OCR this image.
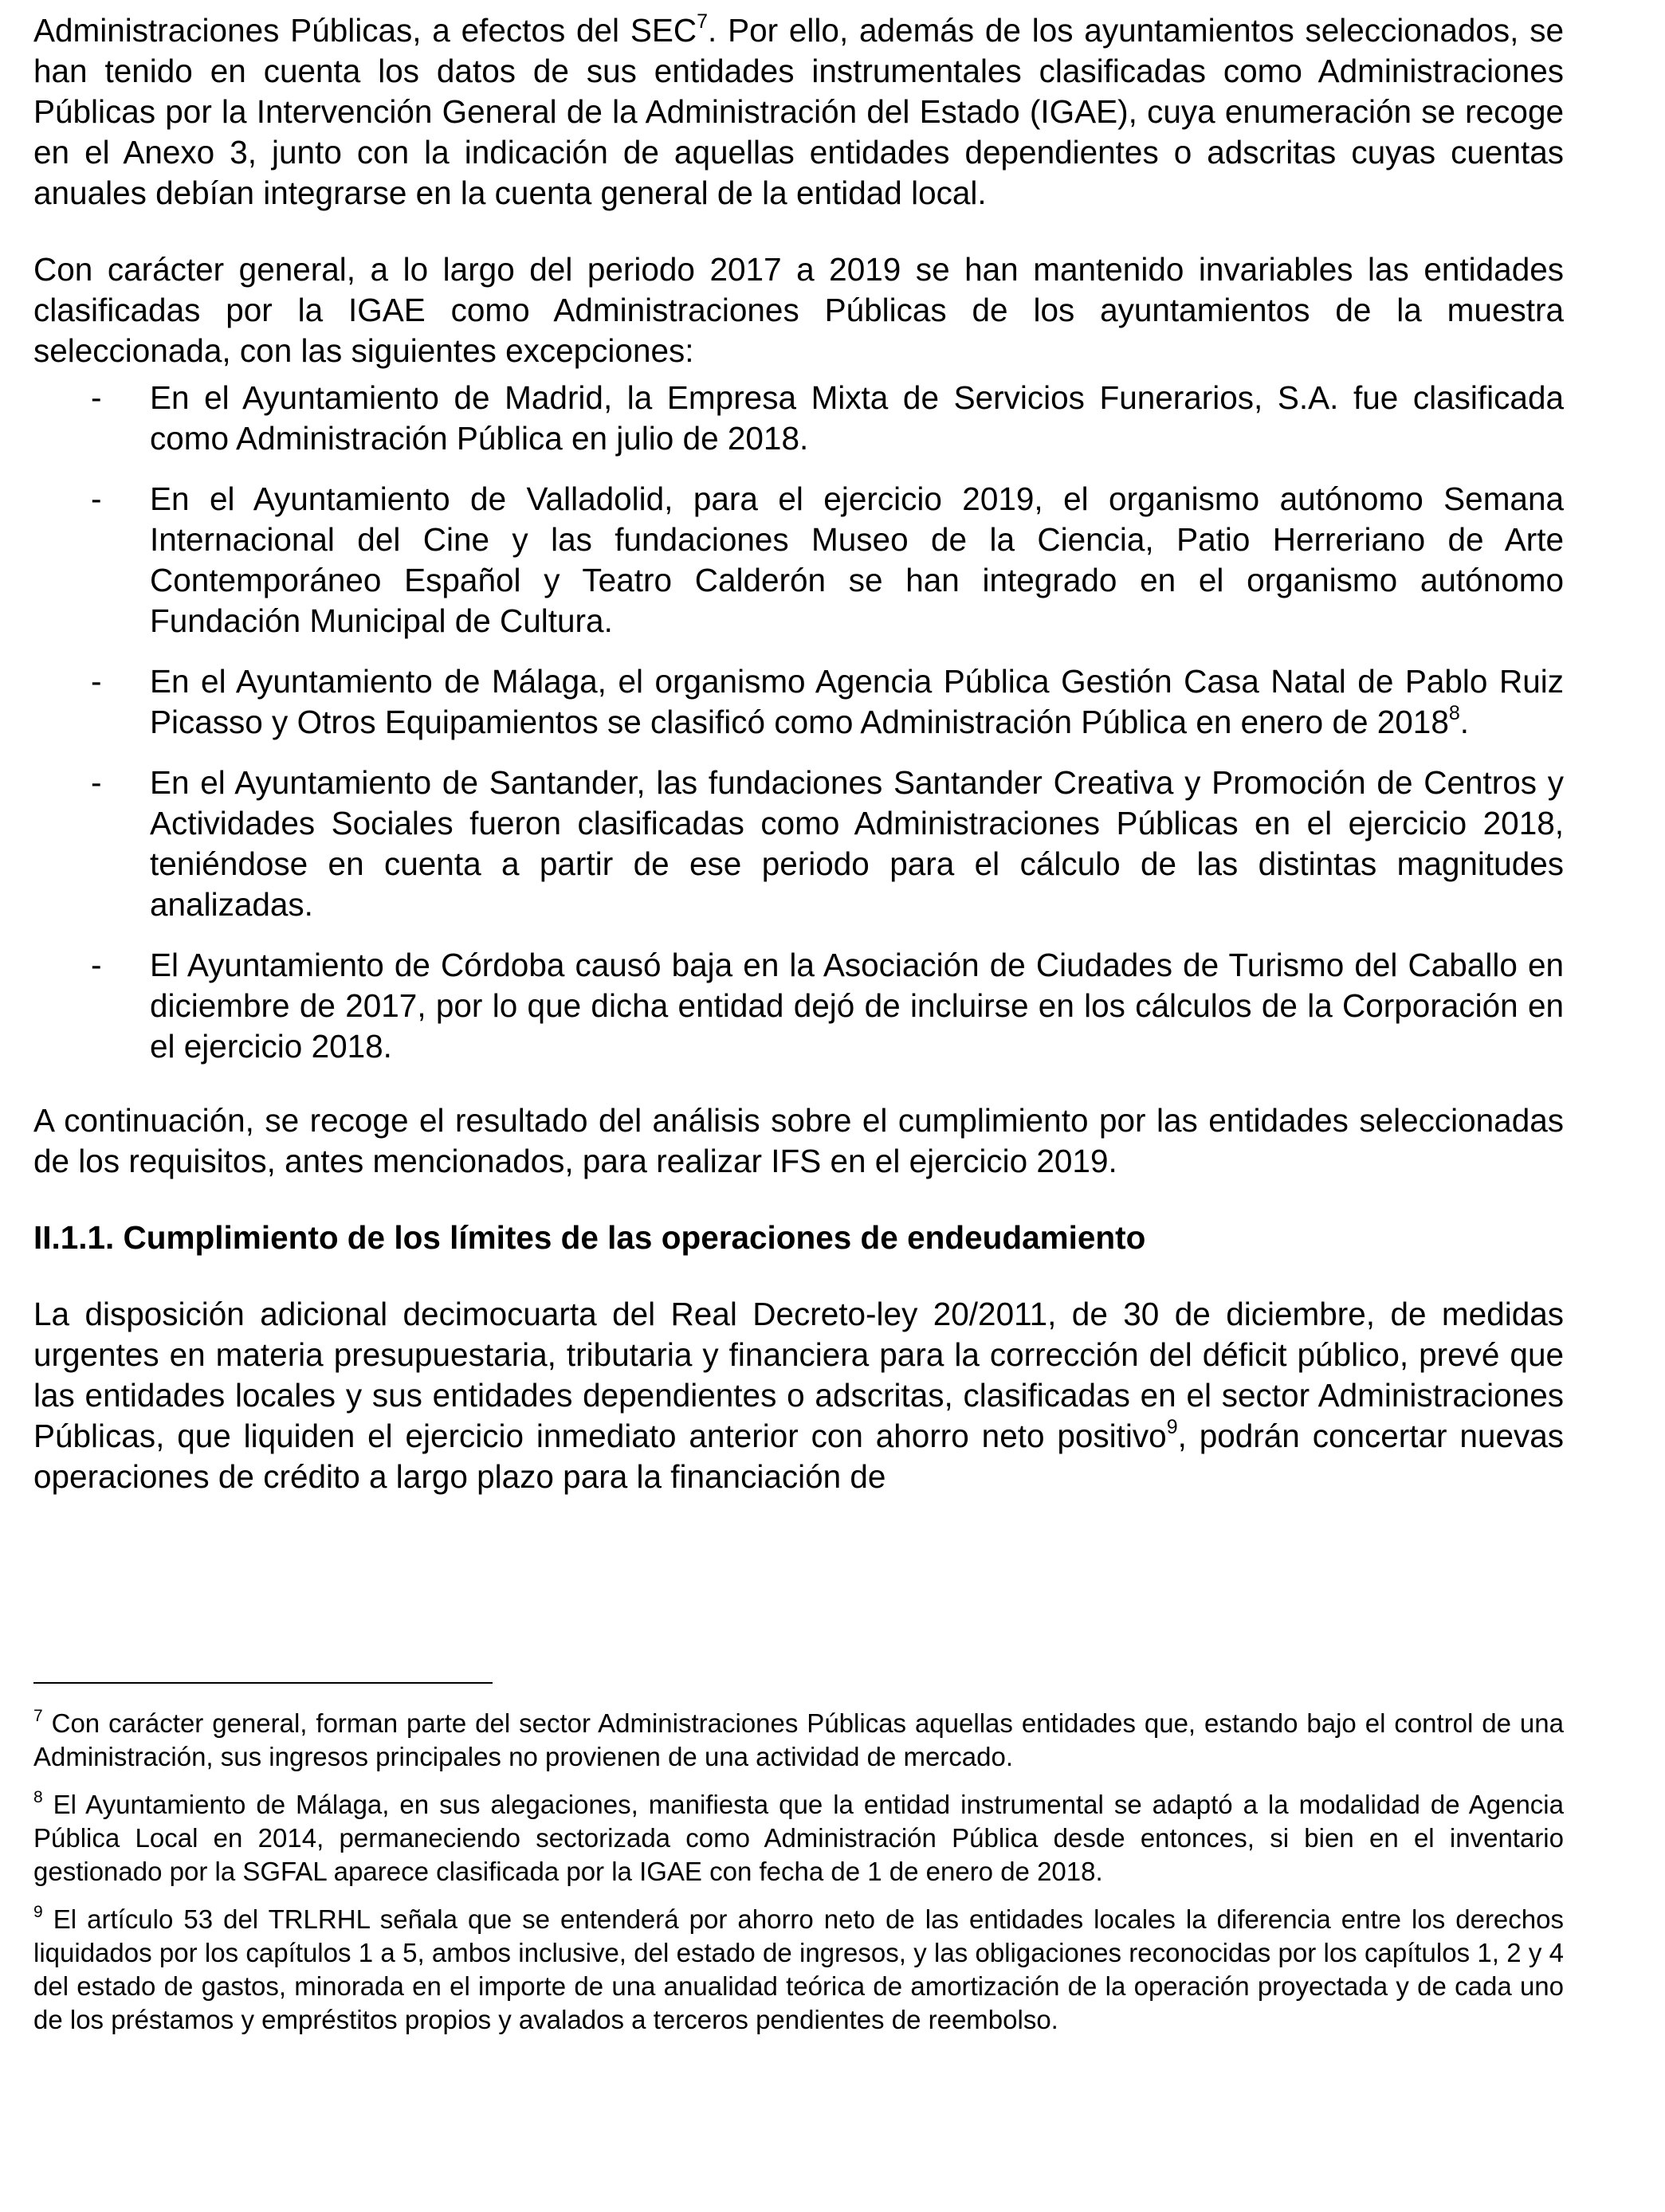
Administraciones Públicas, a efectos del SEC$^7$. Por ello, además de los ayuntamientos seleccionados, se han tenido en cuenta los datos de sus entidades instrumentales clasificadas como Administraciones Públicas por la Intervención General de la Administración del Estado (IGAE), cuya enumeración se recoge en el Anexo 3, junto con la indicación de aquellas entidades dependientes o adscritas cuyas cuentas anuales debían integrarse en la cuenta general de la entidad local.

Con carácter general, a lo largo del periodo 2017 a 2019 se han mantenido invariables las entidades clasificadas por la IGAE como Administraciones Públicas de los ayuntamientos de la muestra seleccionada, con las siguientes excepciones:

- En el Ayuntamiento de Madrid, la Empresa Mixta de Servicios Funerarios, S.A. fue clasificada como Administración Pública en julio de 2018.
- En el Ayuntamiento de Valladolid, para el ejercicio 2019, el organismo autónomo Semana Internacional del Cine y las fundaciones Museo de la Ciencia, Patio Herreriano de Arte Contemporáneo Español y Teatro Calderón se han integrado en el organismo autónomo Fundación Municipal de Cultura.
- En el Ayuntamiento de Málaga, el organismo Agencia Pública Gestión Casa Natal de Pablo Ruiz Picasso y Otros Equipamientos se clasificó como Administración Pública en enero de 2018$^8$.
- En el Ayuntamiento de Santander, las fundaciones Santander Creativa y Promoción de Centros y Actividades Sociales fueron clasificadas como Administraciones Públicas en el ejercicio 2018, teniéndose en cuenta a partir de ese periodo para el cálculo de las distintas magnitudes analizadas.
- El Ayuntamiento de Córdoba causó baja en la Asociación de Ciudades de Turismo del Caballo en diciembre de 2017, por lo que dicha entidad dejó de incluirse en los cálculos de la Corporación en el ejercicio 2018.

A continuación, se recoge el resultado del análisis sobre el cumplimiento por las entidades seleccionadas de los requisitos, antes mencionados, para realizar IFS en el ejercicio 2019.

II.1.1. Cumplimiento de los límites de las operaciones de endeudamiento

La disposición adicional decimocuarta del Real Decreto-ley 20/2011, de 30 de diciembre, de medidas urgentes en materia presupuestaria, tributaria y financiera para la corrección del déficit público, prevé que las entidades locales y sus entidades dependientes o adscritas, clasificadas en el sector Administraciones Públicas, que liquiden el ejercicio inmediato anterior con ahorro neto positivo$^9$, podrán concertar nuevas operaciones de crédito a largo plazo para la financiación de

$^7$ Con carácter general, forman parte del sector Administraciones Públicas aquellas entidades que, estando bajo el control de una Administración, sus ingresos principales no provienen de una actividad de mercado.

$^8$ El Ayuntamiento de Málaga, en sus alegaciones, manifiesta que la entidad instrumental se adaptó a la modalidad de Agencia Pública Local en 2014, permaneciendo sectorizada como Administración Pública desde entonces, si bien en el inventario gestionado por la SGFAL aparece clasificada por la IGAE con fecha de 1 de enero de 2018.

$^9$ El artículo 53 del TRLRHL señala que se entenderá por ahorro neto de las entidades locales la diferencia entre los derechos liquidados por los capítulos 1 a 5, ambos inclusive, del estado de ingresos, y las obligaciones reconocidas por los capítulos 1, 2 y 4 del estado de gastos, minorada en el importe de una anualidad teórica de amortización de la operación proyectada y de cada uno de los préstamos y empréstitos propios y avalados a terceros pendientes de reembolso.
